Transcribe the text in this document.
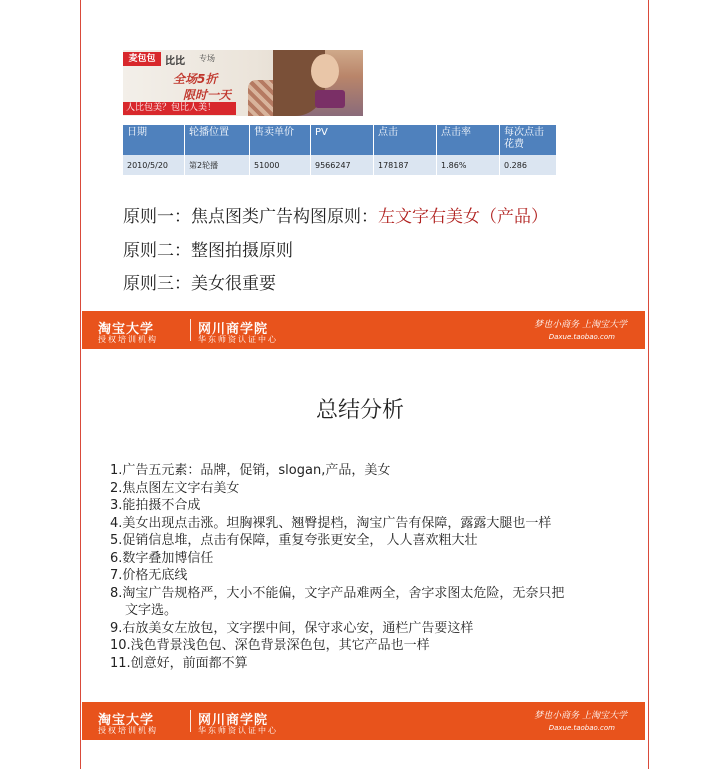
麦包包 比比 专场
全场5折
限时一天
人比包美？包比人美！
日期	轮播位置	售卖单价	PV	点击	点击率	每次点击花费
2010/5/20	第2轮播	51000	9566247	178187	1.86%	0.286
原则一：焦点图类广告构图原则：左文字右美女（产品）
原则二：整图拍摄原则
原则三：美女很重要
淘宝大学
授权培训机构
网川商学院
华东师资认证中心
梦也小商务 上淘宝大学
Daxue.taobao.com
总结分析
1.广告五元素：品牌，促销，slogan,产品，美女
2.焦点图左文字右美女
3.能拍摄不合成
4.美女出现点击涨。坦胸裸乳、翘臀提档，淘宝广告有保障，露露大腿也一样
5.促销信息堆，点击有保障，重复夸张更安全， 人人喜欢粗大壮
6.数字叠加博信任
7.价格无底线
8.淘宝广告规格严，大小不能偏，文字产品难两全，舍字求图太危险，无奈只把
文字选。
9.右放美女左放包，文字摆中间，保守求心安，通栏广告要这样
10.浅色背景浅色包、深色背景深色包，其它产品也一样
11.创意好，前面都不算
淘宝大学
授权培训机构
网川商学院
华东师资认证中心
梦也小商务 上淘宝大学
Daxue.taobao.com
